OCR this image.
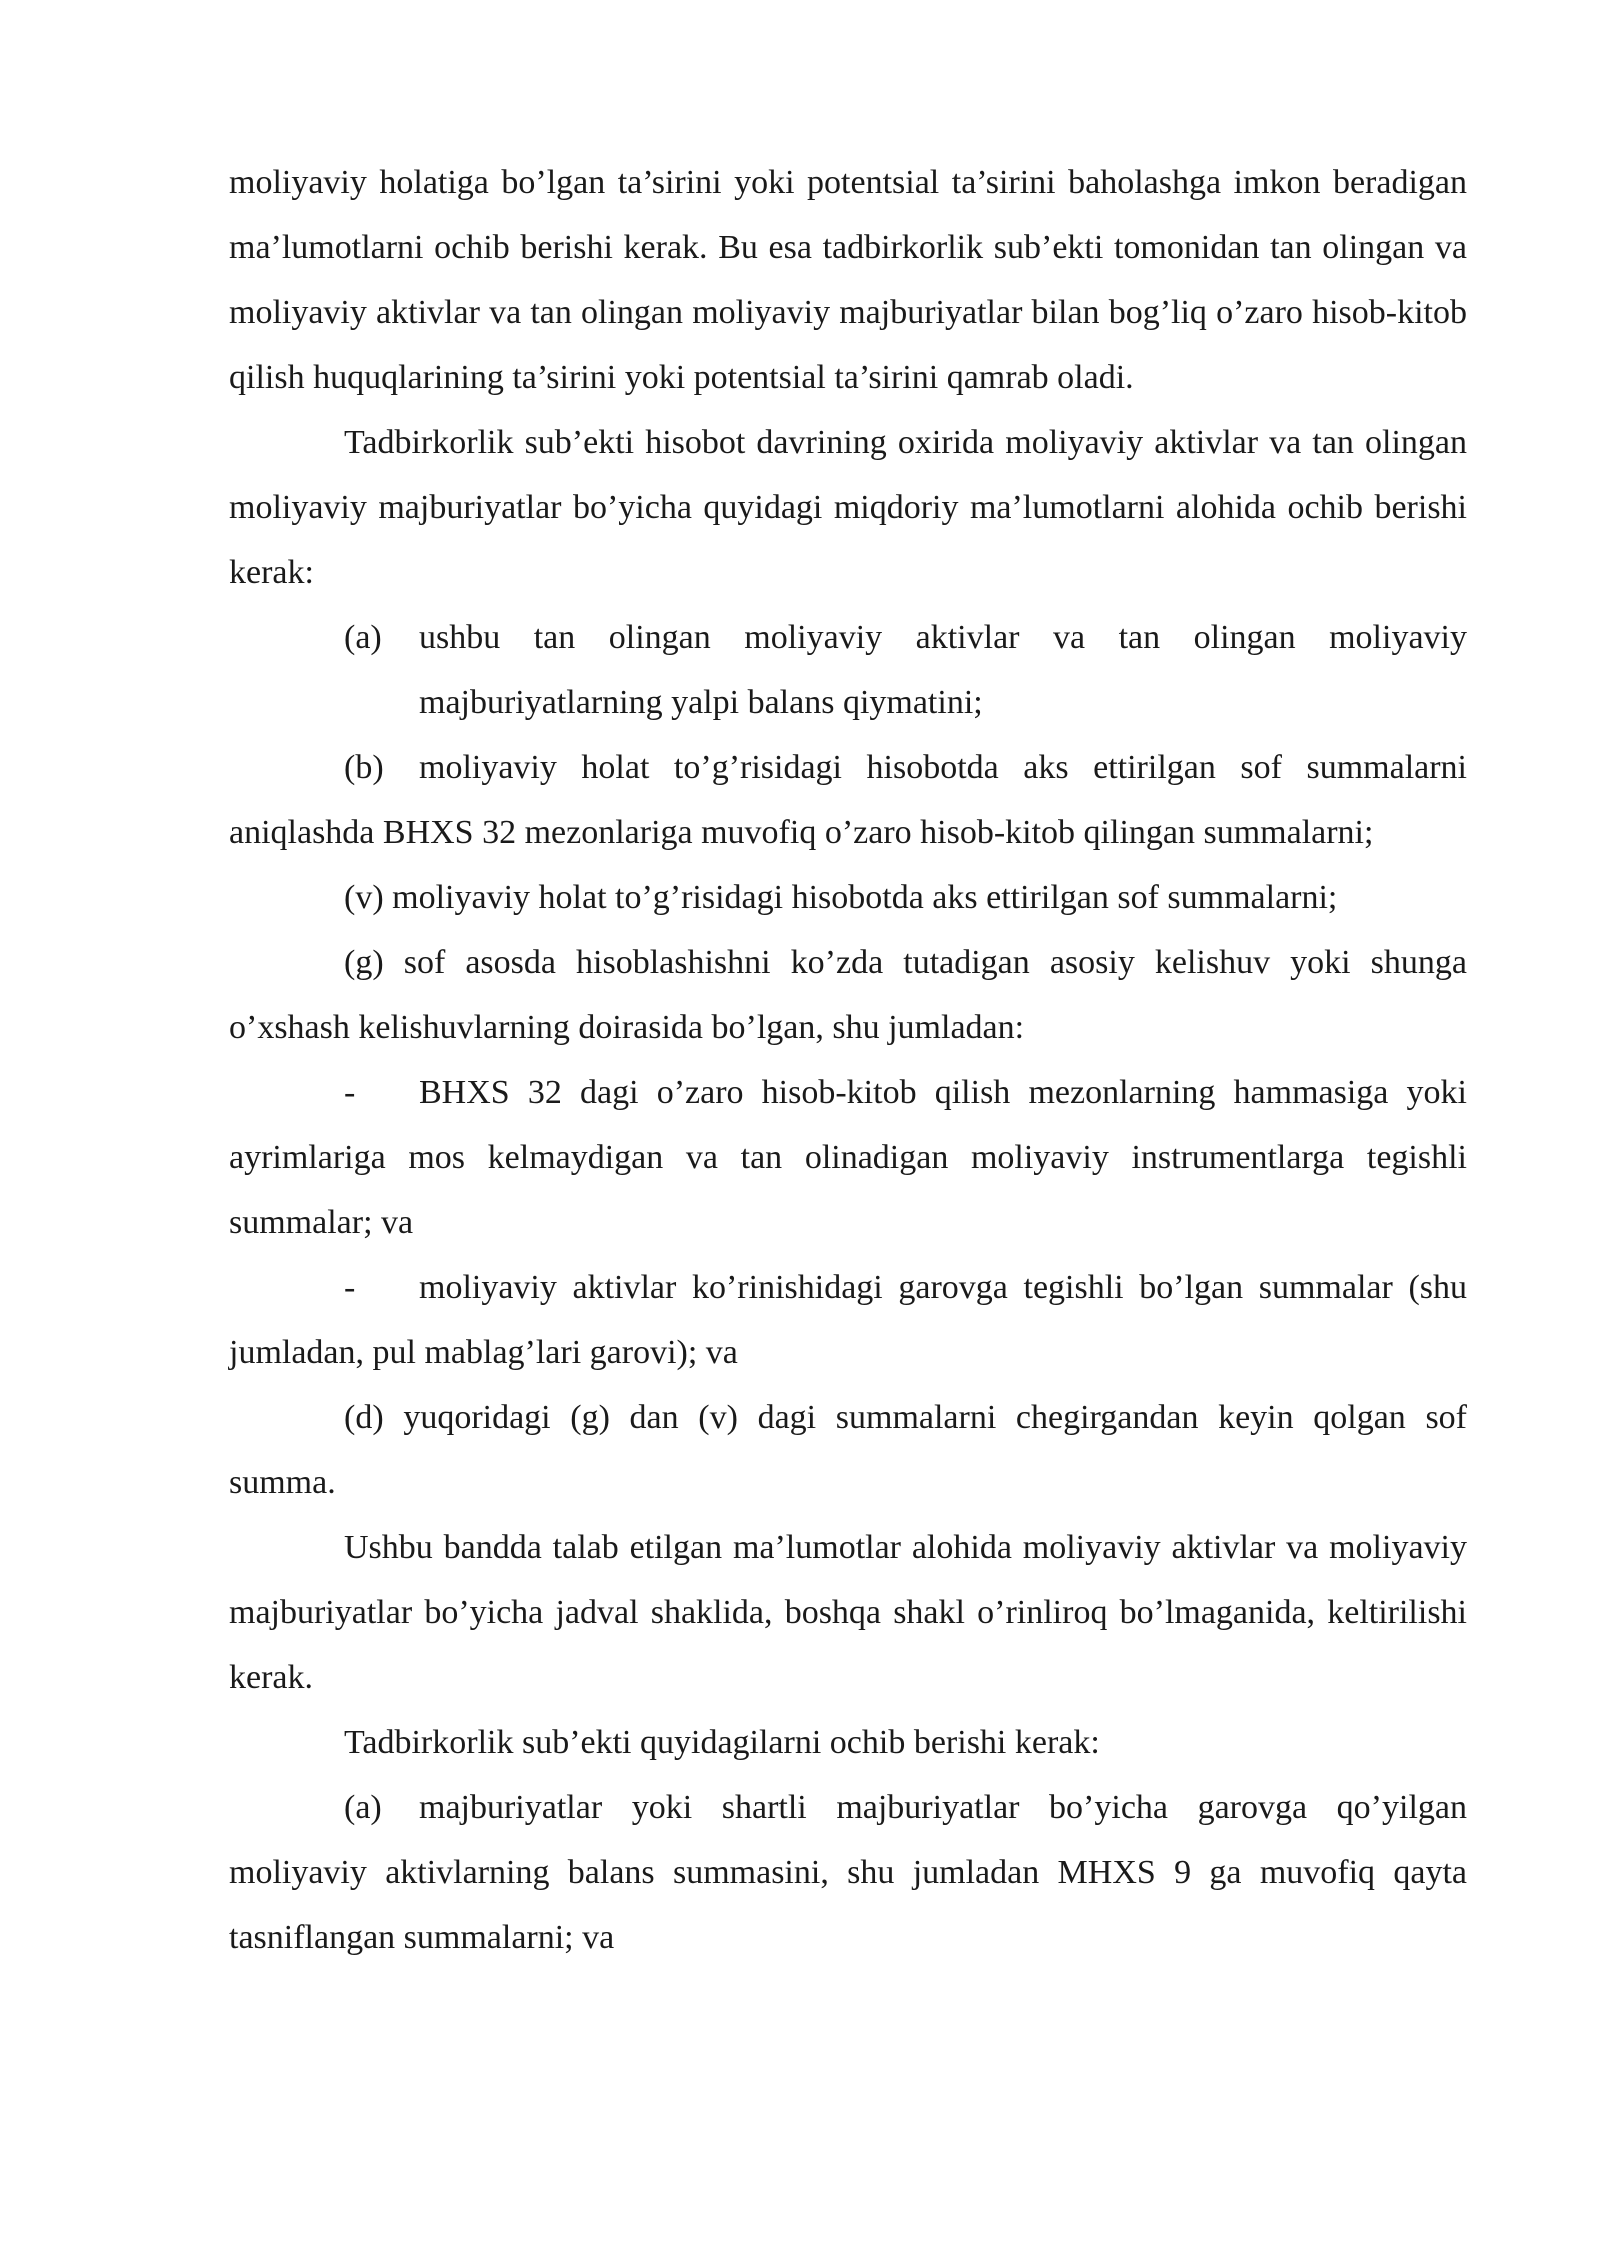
moliyaviy holatiga bo’lgan ta’sirini yoki potentsial ta’sirini baholashga imkon beradigan ma’lumotlarni ochib berishi kerak. Bu esa tadbirkorlik sub’ekti tomonidan tan olingan va moliyaviy aktivlar va tan olingan moliyaviy majburiyatlar bilan bog’liq o’zaro hisob-kitob qilish huquqlarining ta’sirini yoki potentsial ta’sirini qamrab oladi.

Tadbirkorlik sub’ekti hisobot davrining oxirida moliyaviy aktivlar va tan olingan moliyaviy majburiyatlar bo’yicha quyidagi miqdoriy ma’lumotlarni alohida ochib berishi kerak:

(a) ushbu tan olingan moliyaviy aktivlar va tan olingan moliyaviy majburiyatlarning yalpi balans qiymatini;

(b) moliyaviy holat to’g’risidagi hisobotda aks ettirilgan sof summalarni aniqlashda BHXS 32 mezonlariga muvofiq o’zaro hisob-kitob qilingan summalarni;

(v) moliyaviy holat to’g’risidagi hisobotda aks ettirilgan sof summalarni;

(g) sof asosda hisoblashishni ko’zda tutadigan asosiy kelishuv yoki shunga o’xshash kelishuvlarning doirasida bo’lgan, shu jumladan:

- BHXS 32 dagi o’zaro hisob-kitob qilish mezonlarning hammasiga yoki ayrimlariga mos kelmaydigan va tan olinadigan moliyaviy instrumentlarga tegishli summalar; va

- moliyaviy aktivlar ko’rinishidagi garovga tegishli bo’lgan summalar (shu jumladan, pul mablag’lari garovi); va

(d) yuqoridagi (g) dan (v) dagi summalarni chegirgandan keyin qolgan sof summa.

Ushbu bandda talab etilgan ma’lumotlar alohida moliyaviy aktivlar va moliyaviy majburiyatlar bo’yicha jadval shaklida, boshqa shakl o’rinliroq bo’lmaganida, keltirilishi kerak.

Tadbirkorlik sub’ekti quyidagilarni ochib berishi kerak:

(a) majburiyatlar yoki shartli majburiyatlar bo’yicha garovga qo’yilgan moliyaviy aktivlarning balans summasini, shu jumladan MHXS 9 ga muvofiq qayta tasniflangan summalarni; va
